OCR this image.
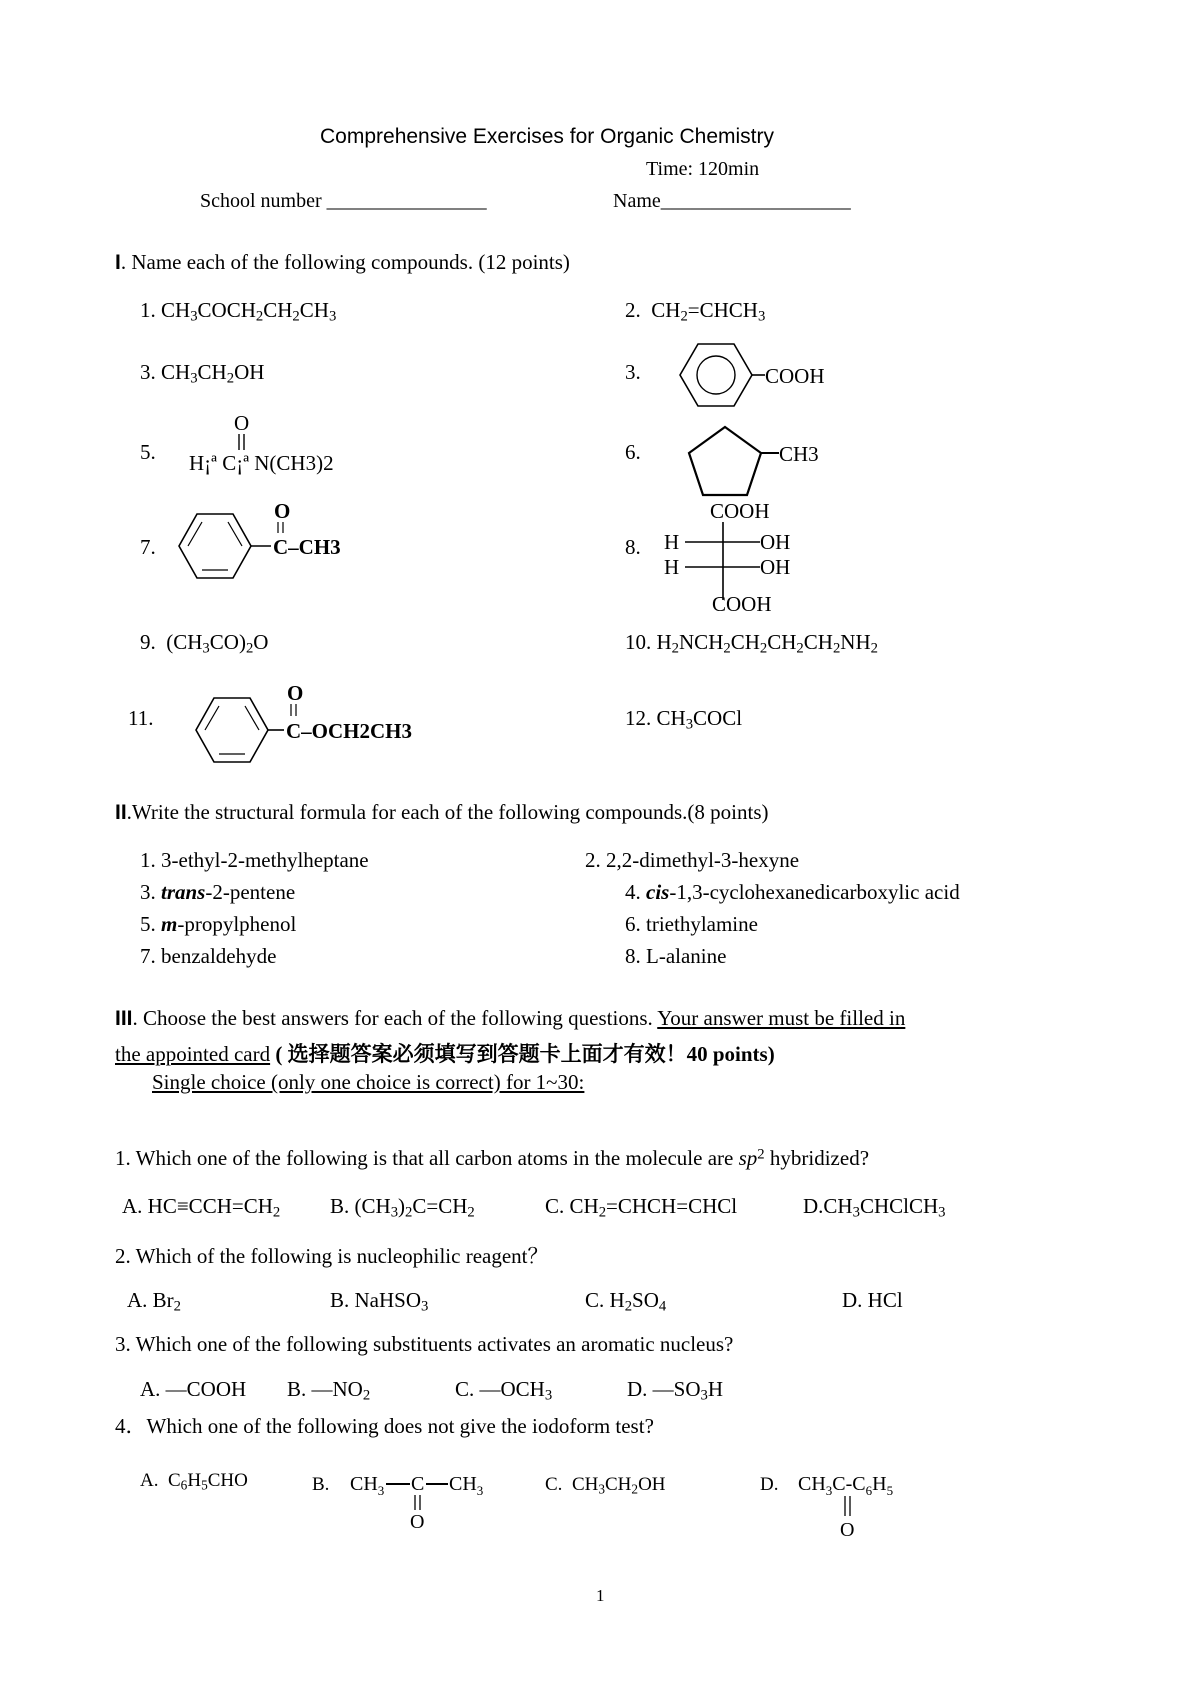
Comprehensive Exercises for Organic Chemistry
Time: 120min
School number ________________	Name___________________
I. Name each of the following compounds. (12 points)
1. $CH_3COCH_2CH_2CH_3$	2.  $CH_2=CHCH_3$
3. $CH_3CH_2OH$	3.	COOH
5.
O
H¡ª C¡ª N(CH3)2	6.	CH3
7.
O
C–CH3	8.
COOH
H	OH
H	OH
COOH
9.  $(CH_3CO)_2O$	10. $H_2NCH_2CH_2CH_2CH_2NH_2$
11.
O
C–OCH2CH3
12. $CH_3COCl$
II.Write the structural formula for each of the following compounds.(8 points)
1. 3-ethyl-2-methylheptane	2. 2,2-dimethyl-3-hexyne
3. trans-2-pentene	4. cis-1,3-cyclohexanedicarboxylic acid
5. m-propylphenol	6. triethylamine
7. benzaldehyde	8. L-alanine
III. Choose the best answers for each of the following questions. Your answer must be filled in
the appointed card ( 选择题答案必须填写到答题卡上面才有效！40 points)
Single choice (only one choice is correct) for 1~30:
1. Which one of the following is that all carbon atoms in the molecule are $sp^2$ hybridized?
A. $HC\equiv CCH=CH_2$ B. $(CH_3)_2C=CH_2$	C. $CH_2=CHCH=CHCl$	$D.CH_3CHClCH_3$
2. Which of the following is nucleophilic reagent？
A. $Br_2$	B. NaHSO$_3$	C. $H_2SO_4$	D. HCl
3. Which one of the following substituents activates an aromatic nucleus?
A. —COOH B. $—NO_2$	C. $—OCH_3$	D. $—SO_3H$
4．Which one of the following does not give the iodoform test?
A.  $C_6H_5CHO$	B. $CH_3$ C $CH_3$
O
C.  $CH_3CH_2OH$	D. $CH_3C-C_6H_5$
O
1
